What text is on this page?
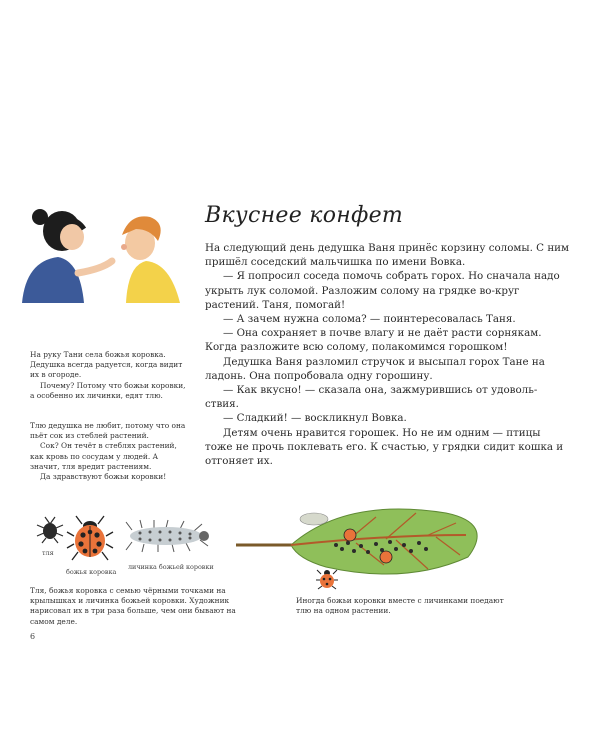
Вкуснее конфет

На следующий день дедушка Ваня принёс корзину соломы. С ним пришёл соседский мальчишка по имени Вовка.

— Я попросил соседа помочь собрать горох. Но сначала надо укрыть лук соломой. Разложим солому на грядке во-круг растений. Таня, помогай!

— А зачем нужна солома? — поинтересовалась Таня.

— Она сохраняет в почве влагу и не даёт расти сорнякам. Когда разложите всю солому, полакомимся горошком!

Дедушка Ваня разломил стручок и высыпал горох Тане на ладонь. Она попробовала одну горошину.

— Как вкусно! — сказала она, зажмурившись от удоволь-ствия.

— Сладкий! — воскликнул Вовка.

Детям очень нравится горошек. Но не им одним — птицы тоже не прочь поклевать его. К счастью, у грядки сидит кошка и отгоняет их.

На руку Тани села божья коровка. Дедушка всегда радуется, когда видит их в огороде.

Почему? Потому что божьи коровки, а особенно их личинки, едят тлю.

Тлю дедушка не любит, потому что она пьёт сок из стеблей растений.

Сок? Он течёт в стеблях растений, как кровь по сосудам у людей. А значит, тля вредит растениям.

Да здравствуют божьи коровки!

тля
божья коровка
личинка божьей коровки

Тля, божья коровка с семью чёрными точками на крылышках и личинка божьей коровки. Художник нарисовал их в три раза больше, чем они бывают на самом деле.

Иногда божьи коровки вместе с личинками поедают тлю на одном растении.

6
